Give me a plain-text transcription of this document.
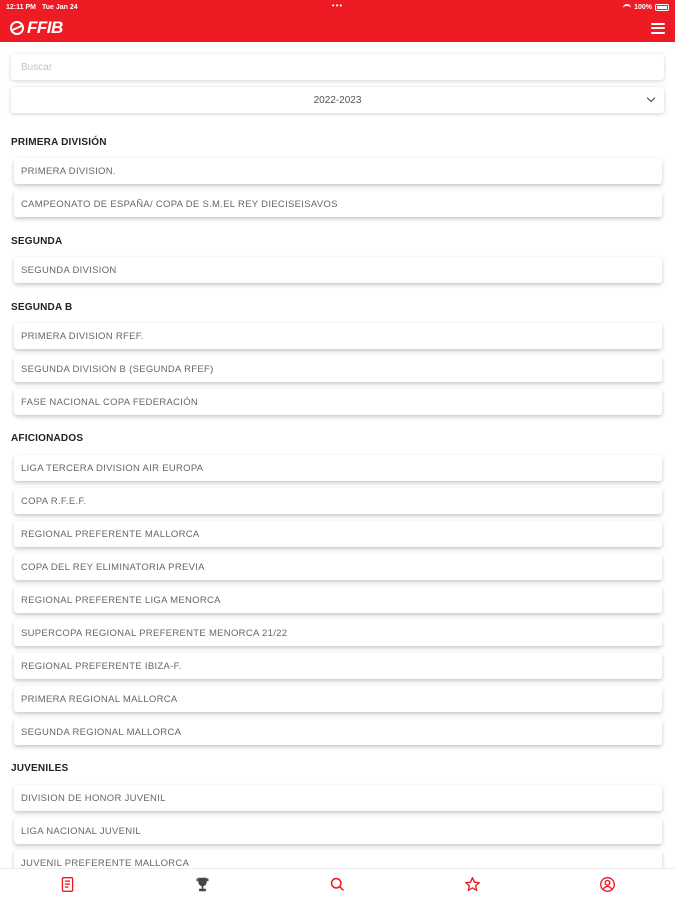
12:11 PM Tue Jan 24	•••	100%
FFIB
Buscar
2022-2023
PRIMERA DIVISIÓN
PRIMERA DIVISION.
CAMPEONATO DE ESPAÑA/ COPA DE S.M.EL REY DIECISEISAVOS
SEGUNDA
SEGUNDA DIVISION
SEGUNDA B
PRIMERA DIVISION RFEF.
SEGUNDA DIVISION B (SEGUNDA RFEF)
FASE NACIONAL COPA FEDERACIÓN
AFICIONADOS
LIGA TERCERA DIVISION AIR EUROPA
COPA R.F.E.F.
REGIONAL PREFERENTE MALLORCA
COPA DEL REY ELIMINATORIA PREVIA
REGIONAL PREFERENTE LIGA MENORCA
SUPERCOPA REGIONAL PREFERENTE MENORCA 21/22
REGIONAL PREFERENTE IBIZA-F.
PRIMERA REGIONAL MALLORCA
SEGUNDA REGIONAL MALLORCA
JUVENILES
DIVISION DE HONOR JUVENIL
LIGA NACIONAL JUVENIL
JUVENIL PREFERENTE MALLORCA
